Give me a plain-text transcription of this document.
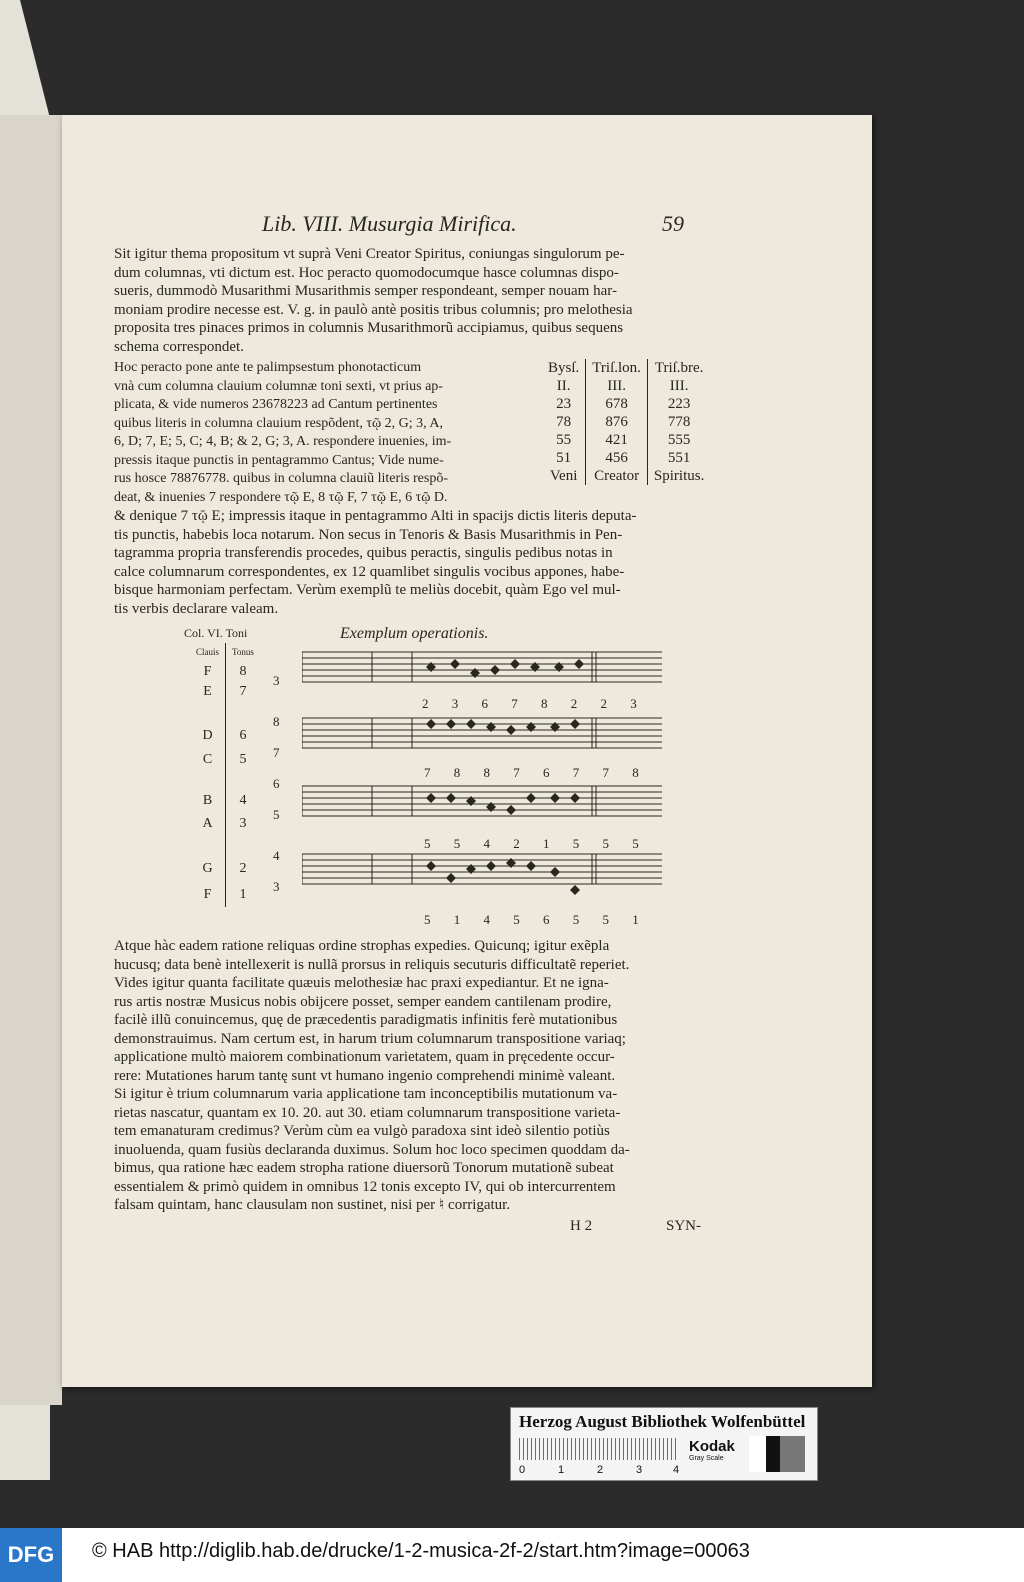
Lib. VIII. Musurgia Mirifica.	59
Sit igitur thema propositum vt suprà Veni Creator Spiritus, coniungas singulorum pe-
dum columnas, vti dictum est. Hoc peracto quomodocumque hasce columnas dispo-
sueris, dummodò Musarithmi Musarithmis semper respondeant, semper nouam har-
moniam prodire necesse est. V. g. in paulò antè positis tribus columnis; pro melothesia
proposita tres pinaces primos in columnis Musarithmorũ accipiamus, quibus sequens
schema correspondet.
Hoc peracto pone ante te palimpsestum phonotacticum
vnà cum columna clauium columnæ toni sexti, vt prius ap-
plicata, & vide numeros 23678223 ad Cantum pertinentes
quibus literis in columna clauium respõdent, τῷ 2, G; 3, A,
6, D; 7, E; 5, C; 4, B; & 2, G; 3, A. respondere inuenies, im-
pressis itaque punctis in pentagrammo Cantus; Vide nume-
rus hosce 78876778. quibus in columna clauiũ literis respõ-
deat, & inuenies 7 respondere τῷ E, 8 τῷ F, 7 τῷ E, 6 τῷ D.
Bysſ.	Triſ.lon.	Triſ.bre.
II.	III.	III.
23	678	223
78	876	778
55	421	555
51	456	551
Veni	Creator	Spiritus.
& denique 7 τῷ E; impressis itaque in pentagrammo Alti in spacijs dictis literis deputa-
tis punctis, habebis loca notarum. Non secus in Tenoris & Basis Musarithmis in Pen-
tagramma propria transferendis procedes, quibus peractis, singulis pedibus notas in
calce columnarum correspondentes, ex 12 quamlibet singulis vocibus appones, habe-
bisque harmoniam perfectam. Verùm exemplũ te meliùs docebit, quàm Ego vel mul-
tis verbis declarare valeam.
Col. VI. Toni	Exemplum operationis.
Clauis	Tonus
F	8
E	7
D	6
C	5
B	4
A	3
G	2
F	1
3
8
7
6
5
4
3
2 3 6 7 8 2 2 3
7 8 8 7 6 7 7 8
5 5 4 2 1 5 5 5
5 1 4 5 6 5 5 1
Atque hàc eadem ratione reliquas ordine strophas expedies. Quicunq; igitur exẽpla
hucusq; data benè intellexerit is nullã prorsus in reliquis secuturis difficultatẽ reperiet.
Vides igitur quanta facilitate quæuis melothesiæ hac praxi expediantur. Et ne igna-
rus artis nostræ Musicus nobis obijcere posset, semper eandem cantilenam prodire,
facilè illũ conuincemus, quę de præcedentis paradigmatis infinitis ferè mutationibus
demonstrauimus. Nam certum est, in harum trium columnarum transpositione variaq;
applicatione multò maiorem combinationum varietatem, quam in pręcedente occur-
rere: Mutationes harum tantę sunt vt humano ingenio comprehendi minimè valeant.
Si igitur è trium columnarum varia applicatione tam inconceptibilis mutationum va-
rietas nascatur, quantam ex 10. 20. aut 30. etiam columnarum transpositione varieta-
tem emanaturam credimus? Verùm cùm ea vulgò paradoxa sint ideò silentio potiùs
inuoluenda, quam fusiùs declaranda duximus. Solum hoc loco specimen quoddam da-
bimus, qua ratione hæc eadem stropha ratione diuersorũ Tonorum mutationẽ subeat
essentialem & primò quidem in omnibus 12 tonis excepto IV, qui ob intercurrentem
falsam quintam, hanc clausulam non sustinet, nisi per ♮ corrigatur.
H 2	SYN-
Herzog August Bibliothek Wolfenbüttel
0	1	2	3	4
Kodak
Gray Scale
DFG	© HAB http://diglib.hab.de/drucke/1-2-musica-2f-2/start.htm?image=00063
